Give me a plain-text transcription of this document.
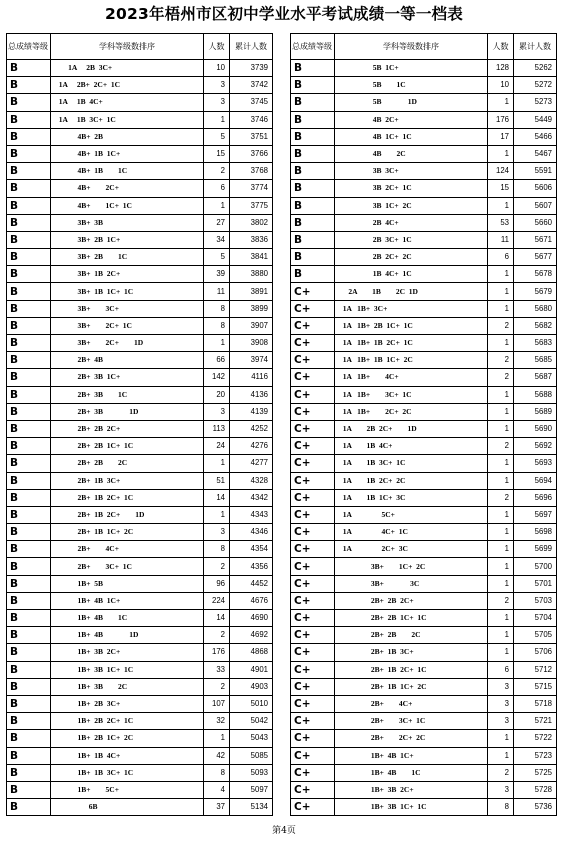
2023年梧州市区初中学业水平考试成绩一等一档表
总成绩等级	学科等级数排序	人数	累计人数
B	1A     2B  3C+	10	3739
B	1A     2B+  2C+  1C	3	3742
B	1A     1B  4C+	3	3745
B	1A     1B  3C+  1C	1	3746
B	4B+  2B	5	3751
B	4B+  1B  1C+	15	3766
B	4B+  1B        1C	2	3768
B	4B+        2C+	6	3774
B	4B+        1C+  1C	1	3775
B	3B+  3B	27	3802
B	3B+  2B  1C+	34	3836
B	3B+  2B        1C	5	3841
B	3B+  1B  2C+	39	3880
B	3B+  1B  1C+  1C	11	3891
B	3B+        3C+	8	3899
B	3B+        2C+  1C	8	3907
B	3B+        2C+        1D	1	3908
B	2B+  4B	66	3974
B	2B+  3B  1C+	142	4116
B	2B+  3B        1C	20	4136
B	2B+  3B              1D	3	4139
B	2B+  2B  2C+	113	4252
B	2B+  2B  1C+  1C	24	4276
B	2B+  2B        2C	1	4277
B	2B+  1B  3C+	51	4328
B	2B+  1B  2C+  1C	14	4342
B	2B+  1B  2C+        1D	1	4343
B	2B+  1B  1C+  2C	3	4346
B	2B+        4C+	8	4354
B	2B+        3C+  1C	2	4356
B	1B+  5B	96	4452
B	1B+  4B  1C+	224	4676
B	1B+  4B        1C	14	4690
B	1B+  4B              1D	2	4692
B	1B+  3B  2C+	176	4868
B	1B+  3B  1C+  1C	33	4901
B	1B+  3B        2C	2	4903
B	1B+  2B  3C+	107	5010
B	1B+  2B  2C+  1C	32	5042
B	1B+  2B  1C+  2C	1	5043
B	1B+  1B  4C+	42	5085
B	1B+  1B  3C+  1C	8	5093
B	1B+        5C+	4	5097
B	6B	37	5134
总成绩等级	学科等级数排序	人数	累计人数
B	5B  1C+	128	5262
B	5B        1C	10	5272
B	5B              1D	1	5273
B	4B  2C+	176	5449
B	4B  1C+  1C	17	5466
B	4B        2C	1	5467
B	3B  3C+	124	5591
B	3B  2C+  1C	15	5606
B	3B  1C+  2C	1	5607
B	2B  4C+	53	5660
B	2B  3C+  1C	11	5671
B	2B  2C+  2C	6	5677
B	1B  4C+  1C	1	5678
C+	2A        1B        2C  1D	1	5679
C+	1A   1B+  3C+	1	5680
C+	1A   1B+  2B  1C+  1C	2	5682
C+	1A   1B+  1B  2C+  1C	1	5683
C+	1A   1B+  1B  1C+  2C	2	5685
C+	1A   1B+        4C+	2	5687
C+	1A   1B+        3C+  1C	1	5688
C+	1A   1B+        2C+  2C	1	5689
C+	1A        2B  2C+        1D	1	5690
C+	1A        1B  4C+	2	5692
C+	1A        1B  3C+  1C	1	5693
C+	1A        1B  2C+  2C	1	5694
C+	1A        1B  1C+  3C	2	5696
C+	1A                5C+	1	5697
C+	1A                4C+  1C	1	5698
C+	1A                2C+  3C	1	5699
C+	3B+        1C+  2C	1	5700
C+	3B+              3C	1	5701
C+	2B+  2B  2C+	2	5703
C+	2B+  2B  1C+  1C	1	5704
C+	2B+  2B        2C	1	5705
C+	2B+  1B  3C+	1	5706
C+	2B+  1B  2C+  1C	6	5712
C+	2B+  1B  1C+  2C	3	5715
C+	2B+        4C+	3	5718
C+	2B+        3C+  1C	3	5721
C+	2B+        2C+  2C	1	5722
C+	1B+  4B  1C+	1	5723
C+	1B+  4B        1C	2	5725
C+	1B+  3B  2C+	3	5728
C+	1B+  3B  1C+  1C	8	5736
第4页
